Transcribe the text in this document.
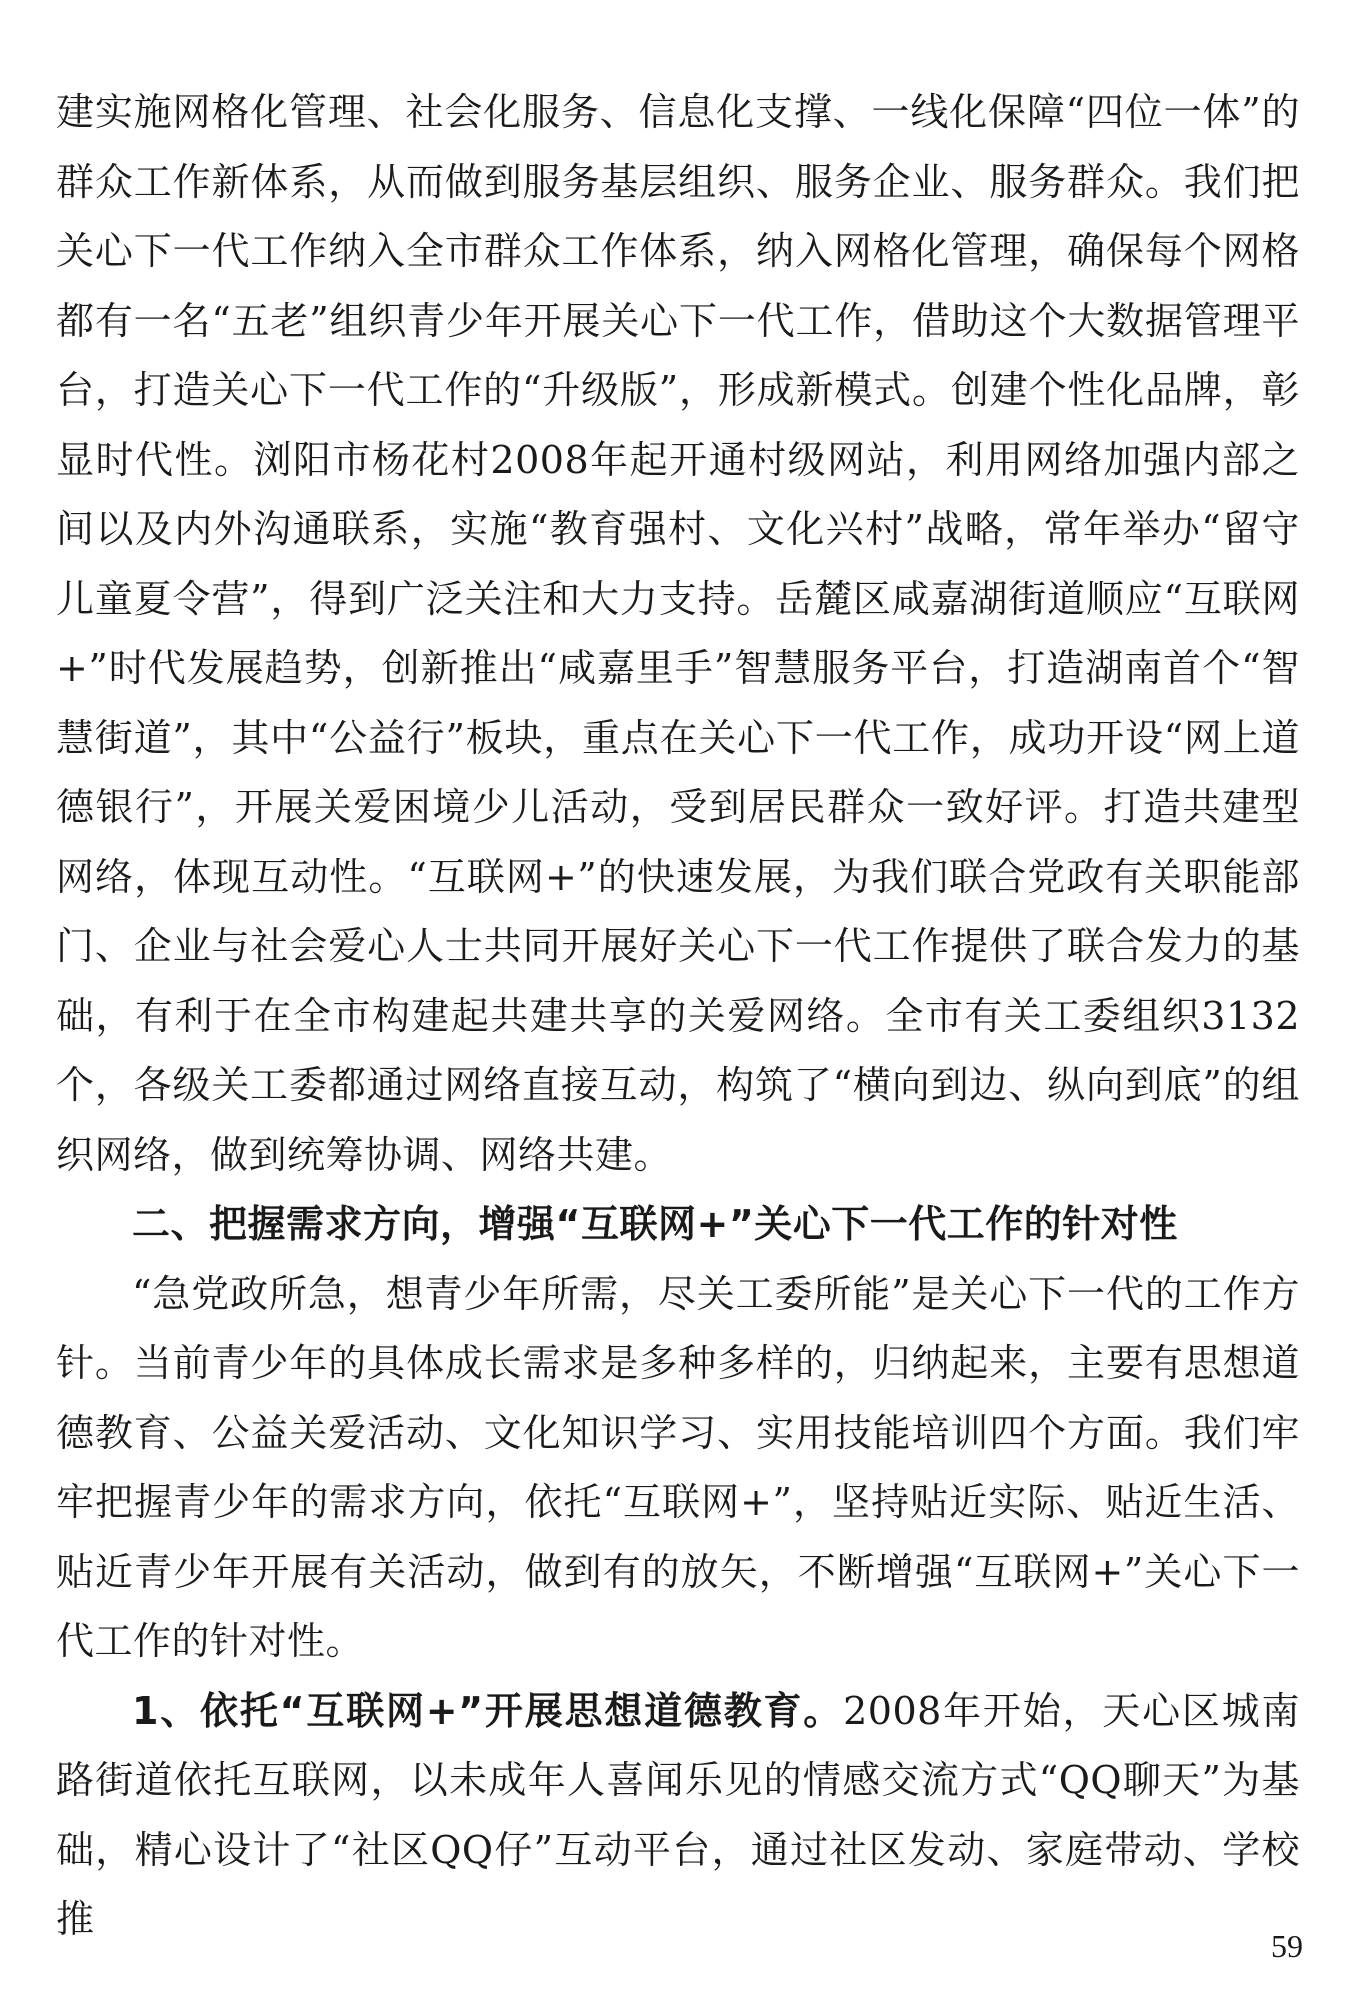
建实施网格化管理、社会化服务、信息化支撑、一线化保障“四位一体”的群众工作新体系，从而做到服务基层组织、服务企业、服务群众。我们把关心下一代工作纳入全市群众工作体系，纳入网格化管理，确保每个网格都有一名“五老”组织青少年开展关心下一代工作，借助这个大数据管理平台，打造关心下一代工作的“升级版”，形成新模式。创建个性化品牌，彰显时代性。浏阳市杨花村2008年起开通村级网站，利用网络加强内部之间以及内外沟通联系，实施“教育强村、文化兴村”战略，常年举办“留守儿童夏令营”，得到广泛关注和大力支持。岳麓区咸嘉湖街道顺应“互联网+”时代发展趋势，创新推出“咸嘉里手”智慧服务平台，打造湖南首个“智慧街道”，其中“公益行”板块，重点在关心下一代工作，成功开设“网上道德银行”，开展关爱困境少儿活动，受到居民群众一致好评。打造共建型网络，体现互动性。“互联网+”的快速发展，为我们联合党政有关职能部门、企业与社会爱心人士共同开展好关心下一代工作提供了联合发力的基础，有利于在全市构建起共建共享的关爱网络。全市有关工委组织3132个，各级关工委都通过网络直接互动，构筑了“横向到边、纵向到底”的组织网络，做到统筹协调、网络共建。

二、把握需求方向，增强“互联网+”关心下一代工作的针对性

“急党政所急，想青少年所需，尽关工委所能”是关心下一代的工作方针。当前青少年的具体成长需求是多种多样的，归纳起来，主要有思想道德教育、公益关爱活动、文化知识学习、实用技能培训四个方面。我们牢牢把握青少年的需求方向，依托“互联网+”，坚持贴近实际、贴近生活、贴近青少年开展有关活动，做到有的放矢，不断增强“互联网+”关心下一代工作的针对性。

1、依托“互联网+”开展思想道德教育。2008年开始，天心区城南路街道依托互联网，以未成年人喜闻乐见的情感交流方式“QQ聊天”为基础，精心设计了“社区QQ仔”互动平台，通过社区发动、家庭带动、学校推

59
